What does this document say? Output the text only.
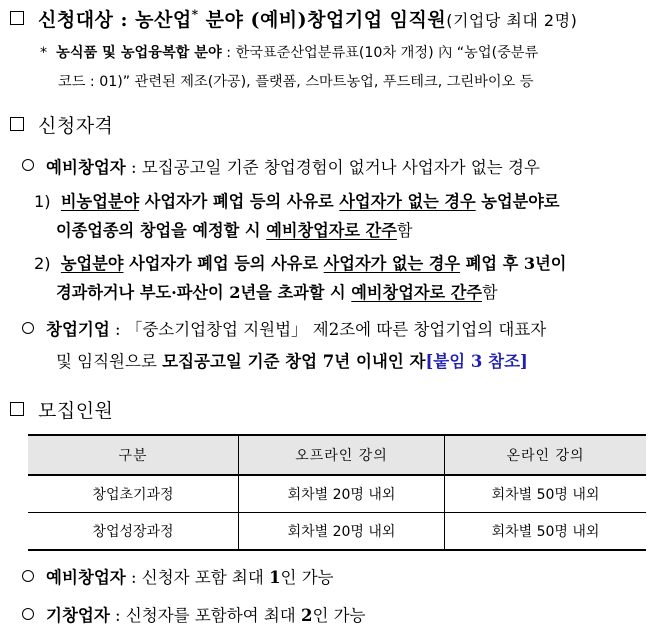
신청대상 : 농산업* 분야 (예비)창업기업 임직원(기업당 최대 2명)
* 농식품 및 농업융복합 분야 : 한국표준산업분류표(10차 개정) 內 “농업(중분류
코드 : 01)” 관련된 제조(가공), 플랫폼, 스마트농업, 푸드테크, 그린바이오 등
신청자격
예비창업자 : 모집공고일 기준 창업경험이 없거나 사업자가 없는 경우
1) 비농업분야 사업자가 폐업 등의 사유로 사업자가 없는 경우 농업분야로
이종업종의 창업을 예정할 시 예비창업자로 간주함
2) 농업분야 사업자가 폐업 등의 사유로 사업자가 없는 경우 폐업 후 3년이
경과하거나 부도·파산이 2년을 초과할 시 예비창업자로 간주함
창업기업 : 「중소기업창업 지원법」 제2조에 따른 창업기업의 대표자
및 임직원으로 모집공고일 기준 창업 7년 이내인 자[붙임 3 참조]
모집인원
구분	오프라인 강의	온라인 강의
창업초기과정	회차별 20명 내외	회차별 50명 내외
창업성장과정	회차별 20명 내외	회차별 50명 내외
예비창업자 : 신청자 포함 최대 1인 가능
기창업자 : 신청자를 포함하여 최대 2인 가능
